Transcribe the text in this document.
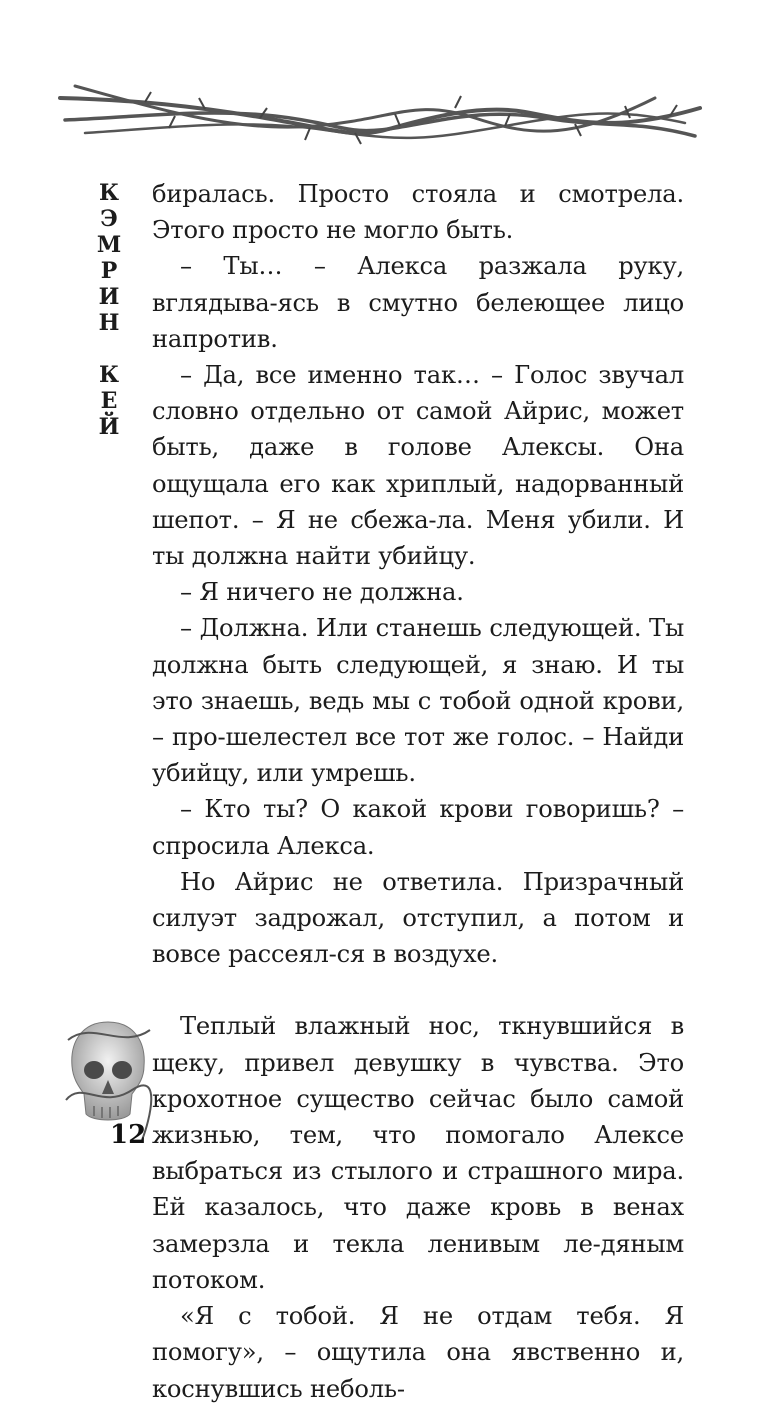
К
Э
М
Р
И
Н
К
Е
Й

биралась. Просто стояла и смотрела. Этого просто не могло быть.

– Ты… – Алекса разжала руку, вглядыва-ясь в смутно белеющее лицо напротив.

– Да, все именно так… – Голос звучал словно отдельно от самой Айрис, может быть, даже в голове Алексы. Она ощущала его как хриплый, надорванный шепот. – Я не сбежа-ла. Меня убили. И ты должна найти убийцу.

– Я ничего не должна.

– Должна. Или станешь следующей. Ты должна быть следующей, я знаю. И ты это знаешь, ведь мы с тобой одной крови, – про-шелестел все тот же голос. – Найди убийцу, или умрешь.

– Кто ты? О какой крови говоришь? – спросила Алекса.

Но Айрис не ответила. Призрачный силуэт задрожал, отступил, а потом и вовсе рассеял-ся в воздухе.

Теплый влажный нос, ткнувшийся в щеку, привел девушку в чувства. Это крохотное существо сейчас было самой жизнью, тем, что помогало Алексе выбраться из стылого и страшного мира. Ей казалось, что даже кровь в венах замерзла и текла ленивым ле-дяным потоком.

«Я с тобой. Я не отдам тебя. Я помогу», – ощутила она явственно и, коснувшись неболь-

12
